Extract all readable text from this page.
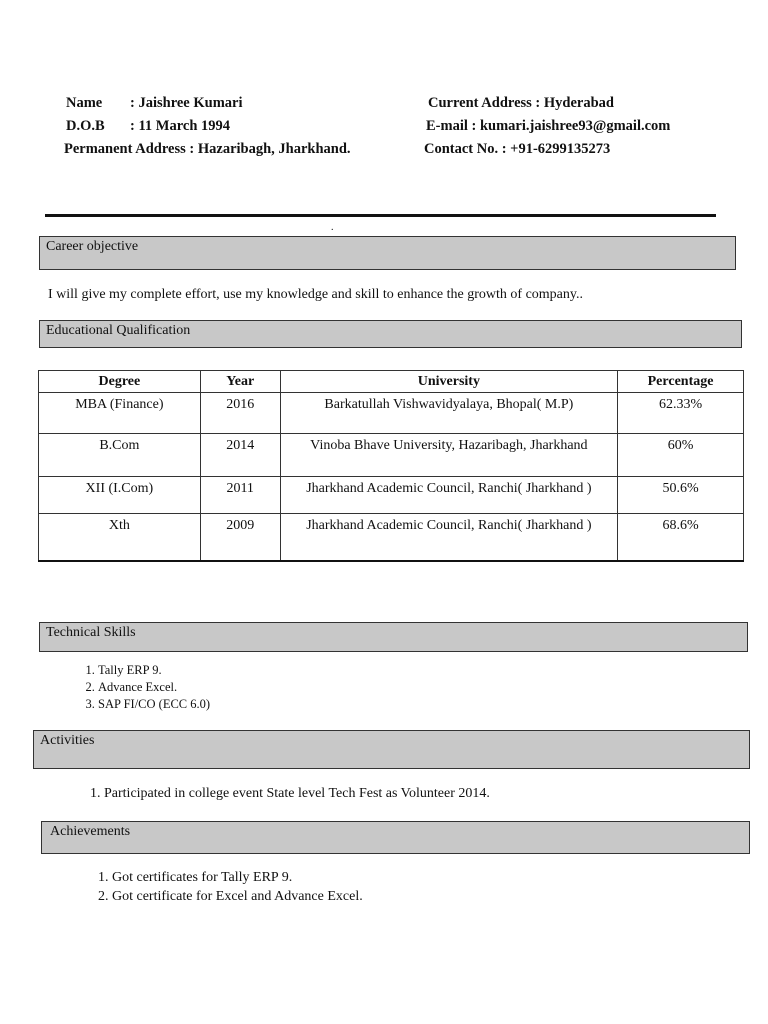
Name : Jaishree Kumari
D.O.B : 11 March 1994
Permanent Address : Hazaribagh, Jharkhand.
Current Address : Hyderabad
E-mail : kumari.jaishree93@gmail.com
Contact No. : +91-6299135273
.
Career objective
I will give my complete effort, use my knowledge and skill to enhance the growth of company..
Educational Qualification
Degree	Year	University	Percentage
MBA (Finance)	2016	Barkatullah Vishwavidyalaya, Bhopal( M.P)	62.33%
B.Com	2014	Vinoba Bhave University, Hazaribagh, Jharkhand	60%
XII (I.Com)	2011	Jharkhand Academic Council, Ranchi( Jharkhand )	50.6%
Xth	2009	Jharkhand Academic Council, Ranchi( Jharkhand )	68.6%
Technical Skills
1. Tally ERP 9.
2. Advance Excel.
3. SAP FI/CO (ECC 6.0)
Activities
1. Participated in college event State level Tech Fest as Volunteer 2014.
Achievements
1. Got certificates for Tally ERP 9.
2. Got certificate for Excel and Advance Excel.
